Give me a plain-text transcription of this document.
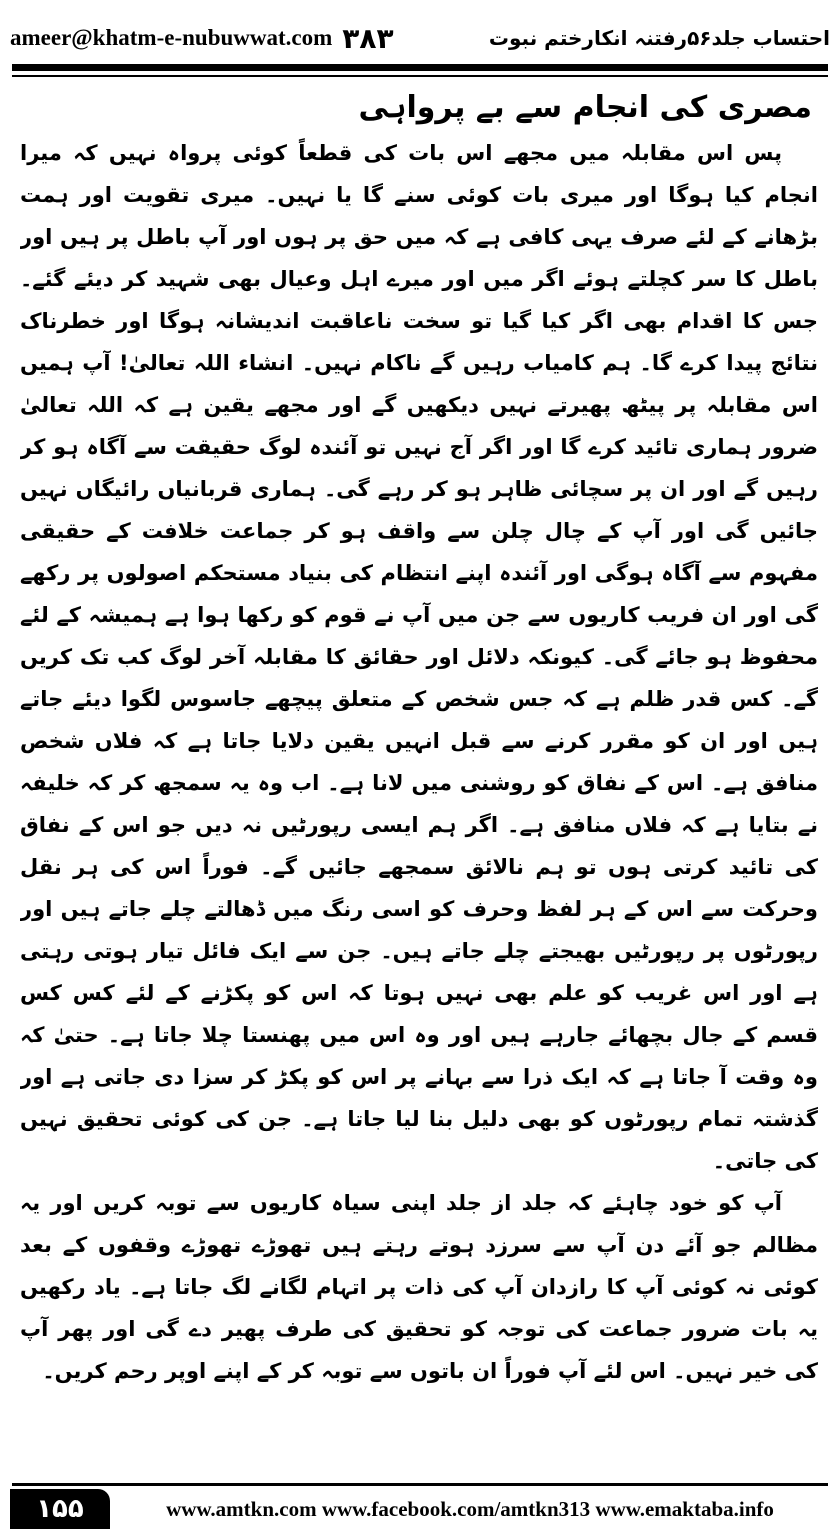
ameer@khatm-e-nubuwwat.com ۳۸۳	احتساب جلد۵۶رفتنہ انکارختم نبوت
مصری کی انجام سے بے پرواہی

پس اس مقابلہ میں مجھے اس بات کی قطعاً کوئی پرواہ نہیں کہ میرا انجام کیا ہوگا اور میری بات کوئی سنے گا یا نہیں۔ میری تقویت اور ہمت بڑھانے کے لئے صرف یہی کافی ہے کہ میں حق پر ہوں اور آپ باطل پر ہیں اور باطل کا سر کچلتے ہوئے اگر میں اور میرے اہل وعیال بھی شہید کر دیئے گئے۔ جس کا اقدام بھی اگر کیا گیا تو سخت ناعاقبت اندیشانہ ہوگا اور خطرناک نتائج پیدا کرے گا۔ ہم کامیاب رہیں گے ناکام نہیں۔ انشاء اللہ تعالیٰ! آپ ہمیں اس مقابلہ پر پیٹھ پھیرتے نہیں دیکھیں گے اور مجھے یقین ہے کہ اللہ تعالیٰ ضرور ہماری تائید کرے گا اور اگر آج نہیں تو آئندہ لوگ حقیقت سے آگاہ ہو کر رہیں گے اور ان پر سچائی ظاہر ہو کر رہے گی۔ ہماری قربانیاں رائیگاں نہیں جائیں گی اور آپ کے چال چلن سے واقف ہو کر جماعت خلافت کے حقیقی مفہوم سے آگاہ ہوگی اور آئندہ اپنے انتظام کی بنیاد مستحکم اصولوں پر رکھے گی اور ان فریب کاریوں سے جن میں آپ نے قوم کو رکھا ہوا ہے ہمیشہ کے لئے محفوظ ہو جائے گی۔ کیونکہ دلائل اور حقائق کا مقابلہ آخر لوگ کب تک کریں گے۔ کس قدر ظلم ہے کہ جس شخص کے متعلق پیچھے جاسوس لگوا دیئے جاتے ہیں اور ان کو مقرر کرنے سے قبل انہیں یقین دلایا جاتا ہے کہ فلاں شخص منافق ہے۔ اس کے نفاق کو روشنی میں لانا ہے۔ اب وہ یہ سمجھ کر کہ خلیفہ نے بتایا ہے کہ فلاں منافق ہے۔ اگر ہم ایسی رپورٹیں نہ دیں جو اس کے نفاق کی تائید کرتی ہوں تو ہم نالائق سمجھے جائیں گے۔ فوراً اس کی ہر نقل وحرکت سے اس کے ہر لفظ وحرف کو اسی رنگ میں ڈھالتے چلے جاتے ہیں اور رپورٹوں پر رپورٹیں بھیجتے چلے جاتے ہیں۔ جن سے ایک فائل تیار ہوتی رہتی ہے اور اس غریب کو علم بھی نہیں ہوتا کہ اس کو پکڑنے کے لئے کس کس قسم کے جال بچھائے جارہے ہیں اور وہ اس میں پھنستا چلا جاتا ہے۔ حتیٰ کہ وہ وقت آ جاتا ہے کہ ایک ذرا سے بہانے پر اس کو پکڑ کر سزا دی جاتی ہے اور گذشتہ تمام رپورٹوں کو بھی دلیل بنا لیا جاتا ہے۔ جن کی کوئی تحقیق نہیں کی جاتی۔

آپ کو خود چاہئے کہ جلد از جلد اپنی سیاہ کاریوں سے توبہ کریں اور یہ مظالم جو آئے دن آپ سے سرزد ہوتے رہتے ہیں تھوڑے تھوڑے وقفوں کے بعد کوئی نہ کوئی آپ کا رازدان آپ کی ذات پر اتہام لگانے لگ جاتا ہے۔ یاد رکھیں یہ بات ضرور جماعت کی توجہ کو تحقیق کی طرف پھیر دے گی اور پھر آپ کی خیر نہیں۔ اس لئے آپ فوراً ان باتوں سے توبہ کر کے اپنے اوپر رحم کریں۔

۱۵۵	www.amtkn.com www.facebook.com/amtkn313 www.emaktaba.info
